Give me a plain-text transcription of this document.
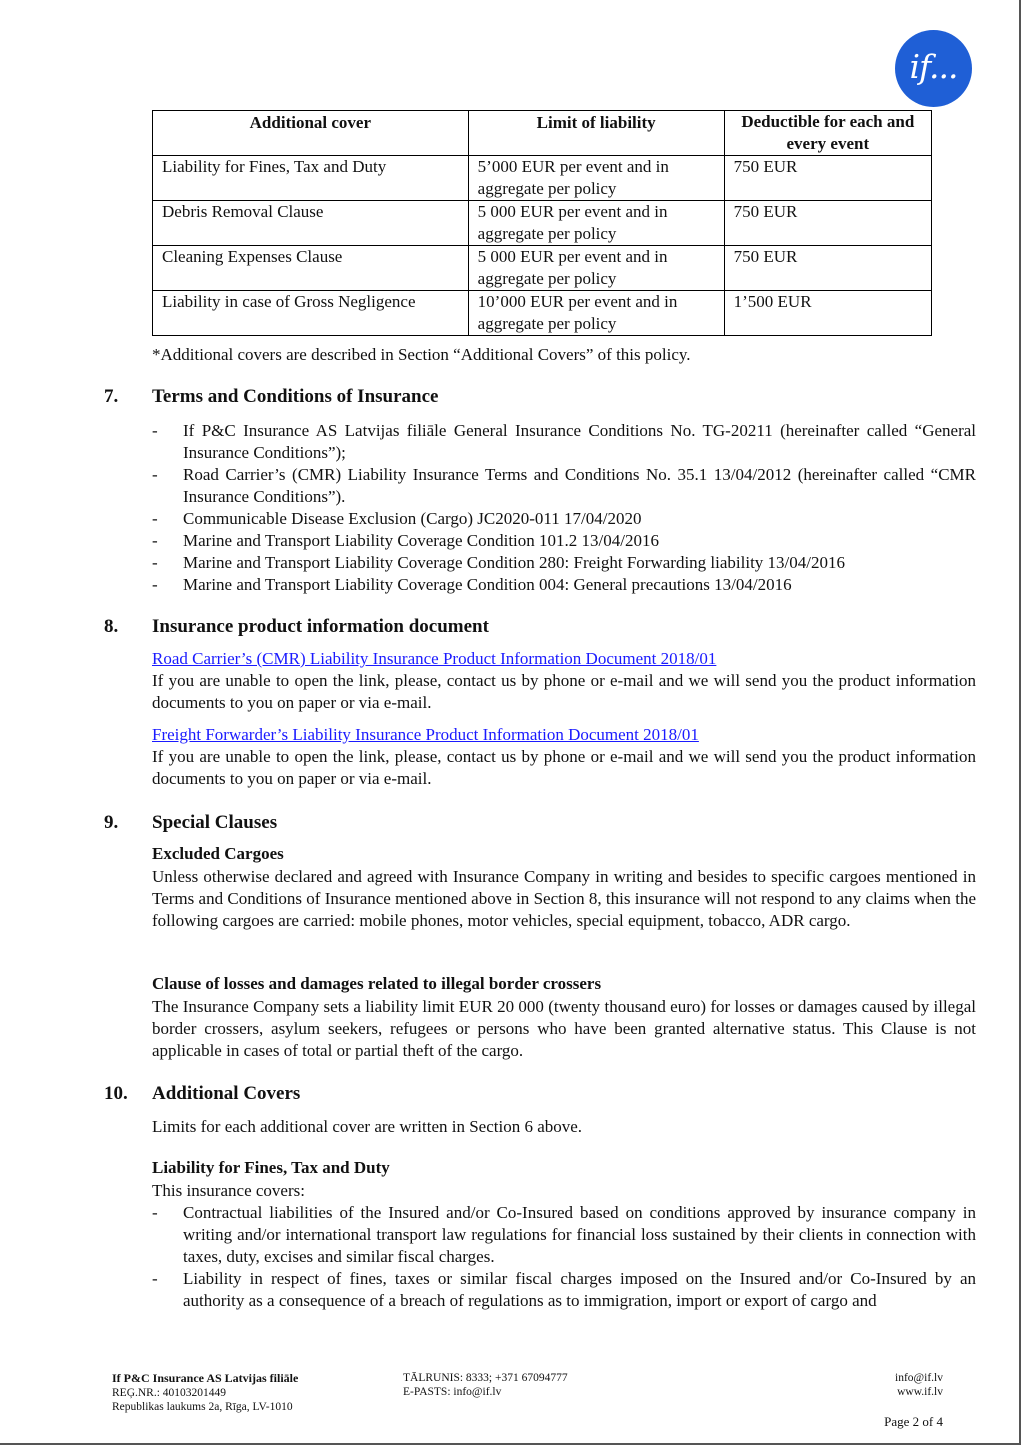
if...
Additional cover	Limit of liability	Deductible for each and every event
Liability for Fines, Tax and Duty	5’000 EUR per event and in aggregate per policy	750 EUR
Debris Removal Clause	5 000 EUR per event and in aggregate per policy	750 EUR
Cleaning Expenses Clause	5 000 EUR per event and in aggregate per policy	750 EUR
Liability in case of Gross Negligence	10’000 EUR per event and in aggregate per policy	1’500 EUR
*Additional covers are described in Section “Additional Covers” of this policy.
7. Terms and Conditions of Insurance
- If P&C Insurance AS Latvijas filiāle General Insurance Conditions No. TG-20211 (hereinafter called “General Insurance Conditions”);
- Road Carrier’s (CMR) Liability Insurance Terms and Conditions No. 35.1 13/04/2012 (hereinafter called “CMR Insurance Conditions”).
- Communicable Disease Exclusion (Cargo) JC2020-011 17/04/2020
- Marine and Transport Liability Coverage Condition 101.2 13/04/2016
- Marine and Transport Liability Coverage Condition 280: Freight Forwarding liability 13/04/2016
- Marine and Transport Liability Coverage Condition 004: General precautions 13/04/2016
8. Insurance product information document
Road Carrier’s (CMR) Liability Insurance Product Information Document 2018/01
If you are unable to open the link, please, contact us by phone or e-mail and we will send you the product information documents to you on paper or via e-mail.
Freight Forwarder’s Liability Insurance Product Information Document 2018/01
If you are unable to open the link, please, contact us by phone or e-mail and we will send you the product information documents to you on paper or via e-mail.
9. Special Clauses
Excluded Cargoes
Unless otherwise declared and agreed with Insurance Company in writing and besides to specific cargoes mentioned in Terms and Conditions of Insurance mentioned above in Section 8, this insurance will not respond to any claims when the following cargoes are carried: mobile phones, motor vehicles, special equipment, tobacco, ADR cargo.
Clause of losses and damages related to illegal border crossers
The Insurance Company sets a liability limit EUR 20 000 (twenty thousand euro) for losses or damages caused by illegal border crossers, asylum seekers, refugees or persons who have been granted alternative status. This Clause is not applicable in cases of total or partial theft of the cargo.
10. Additional Covers
Limits for each additional cover are written in Section 6 above.
Liability for Fines, Tax and Duty
This insurance covers:
- Contractual liabilities of the Insured and/or Co-Insured based on conditions approved by insurance company in writing and/or international transport law regulations for financial loss sustained by their clients in connection with taxes, duty, excises and similar fiscal charges.
- Liability in respect of fines, taxes or similar fiscal charges imposed on the Insured and/or Co-Insured by an authority as a consequence of a breach of regulations as to immigration, import or export of cargo and
If P&C Insurance AS Latvijas filiāle
REĢ.NR.: 40103201449
Republikas laukums 2a, Rīga, LV-1010
TĀLRUNIS: 8333; +371 67094777
E-PASTS: info@if.lv
info@if.lv
www.if.lv
Page 2 of 4
